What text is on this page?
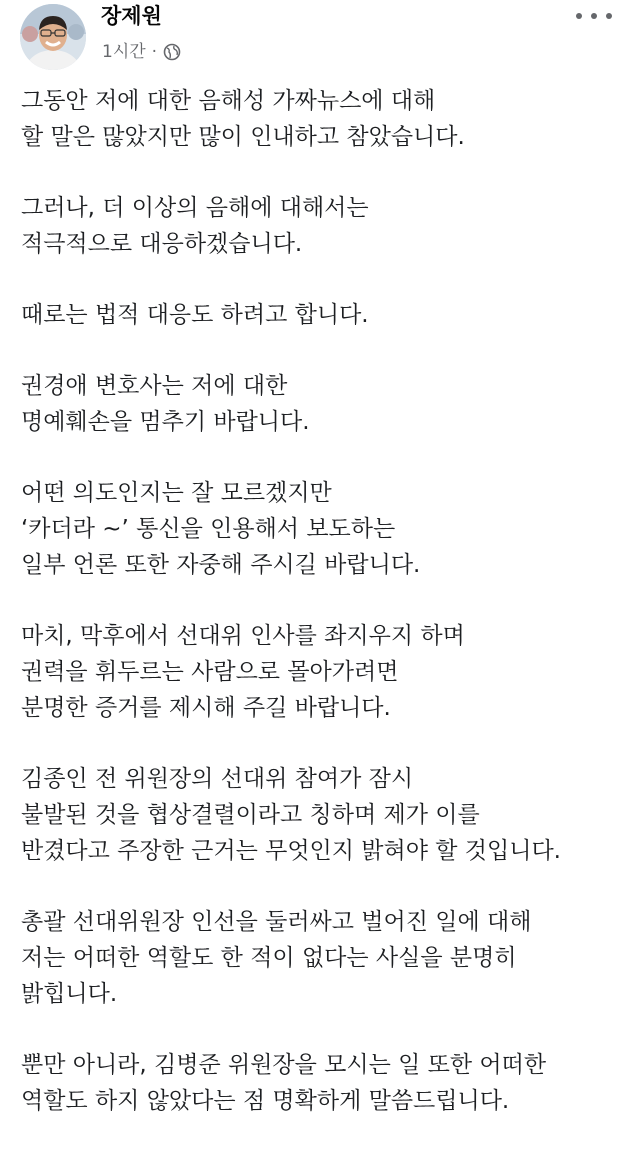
장제원
1시간 ·
그동안 저에 대한 음해성 가짜뉴스에 대해
할 말은 많았지만 많이 인내하고 참았습니다.
그러나, 더 이상의 음해에 대해서는
적극적으로 대응하겠습니다.
때로는 법적 대응도 하려고 합니다.
권경애 변호사는 저에 대한
명예훼손을 멈추기 바랍니다.
어떤 의도인지는 잘 모르겠지만
‘카더라 ~’ 통신을 인용해서 보도하는
일부 언론 또한 자중해 주시길 바랍니다.
마치, 막후에서 선대위 인사를 좌지우지 하며
권력을 휘두르는 사람으로 몰아가려면
분명한 증거를 제시해 주길 바랍니다.
김종인 전 위원장의 선대위 참여가 잠시
불발된 것을 협상결렬이라고 칭하며 제가 이를
반겼다고 주장한 근거는 무엇인지 밝혀야 할 것입니다.
총괄 선대위원장 인선을 둘러싸고 벌어진 일에 대해
저는 어떠한 역할도 한 적이 없다는 사실을 분명히
밝힙니다.
뿐만 아니라, 김병준 위원장을 모시는 일 또한 어떠한
역할도 하지 않았다는 점 명확하게 말씀드립니다.
